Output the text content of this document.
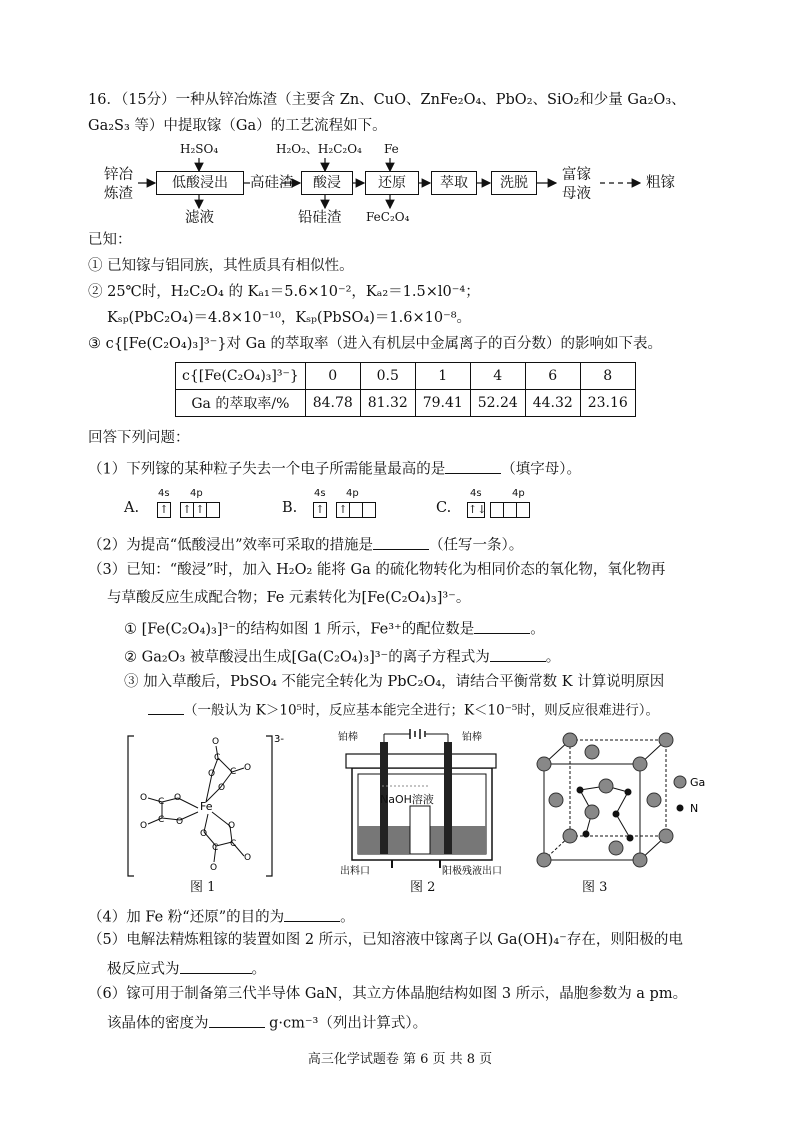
16．（15分）一种从锌冶炼渣（主要含 Zn、CuO、ZnFe₂O₄、PbO₂、SiO₂和少量 Ga₂O₃、
Ga₂S₃ 等）中提取镓（Ga）的工艺流程如下。
锌冶
炼渣
H₂SO₄
低酸浸出
滤液
高硅渣
H₂O₂、H₂C₂O₄
酸浸
铅硅渣
Fe
还原
FeC₂O₄
萃取	洗脱	富镓
母液
粗镓
已知：
① 已知镓与铝同族，其性质具有相似性。
② 25℃时，H₂C₂O₄ 的 Kₐ₁＝5.6×10⁻²，Kₐ₂＝1.5×l0⁻⁴；
Kₛₚ(PbC₂O₄)＝4.8×10⁻¹⁰，Kₛₚ(PbSO₄)＝1.6×10⁻⁸。
③ c{[Fe(C₂O₄)₃]³⁻}对 Ga 的萃取率（进入有机层中金属离子的百分数）的影响如下表。
c{[Fe(C₂O₄)₃]³⁻}	0	0.5	1	4	6	8
Ga 的萃取率/%	84.78	81.32	79.41	52.24	44.32	23.16
回答下列问题：
（1）下列镓的某种粒子失去一个电子所需能量最高的是	（填字母）。
A.
4s 4p
↑ ↑ ↑	B.
4s 4p
↑ ↑	C.
4s	4p
↑↓
（2）为提高“低酸浸出”效率可采取的措施是	（任写一条）。
（3）已知：“酸浸”时，加入 H₂O₂ 能将 Ga 的硫化物转化为相同价态的氧化物，氧化物再
与草酸反应生成配合物；Fe 元素转化为[Fe(C₂O₄)₃]³⁻。
① [Fe(C₂O₄)₃]³⁻的结构如图 1 所示，Fe³⁺的配位数是	。
② Ga₂O₃ 被草酸浸出生成[Ga(C₂O₄)₃]³⁻的离子方程式为	。
③ 加入草酸后，PbSO₄ 不能完全转化为 PbC₂O₄，请结合平衡常数 K 计算说明原因
（一般认为 K＞10⁵时，反应基本能完全进行；K＜10⁻⁵时，则反应很难进行）。
3-
Fe
O
O
C
C
O
O
O
O
C
C
O
O
O
O
C C
O
O
图 1
NaOH溶液
铂棒	铂棒
出料口	阳极残液出口
图 2
Ga
N
图 3
（4）加 Fe 粉“还原”的目的为	。
（5）电解法精炼粗镓的装置如图 2 所示，已知溶液中镓离子以 Ga(OH)₄⁻存在，则阳极的电
极反应式为	。
（6）镓可用于制备第三代半导体 GaN，其立方体晶胞结构如图 3 所示，晶胞参数为 a pm。
该晶体的密度为	g·cm⁻³（列出计算式）。
高三化学试题卷 第 6 页 共 8 页
